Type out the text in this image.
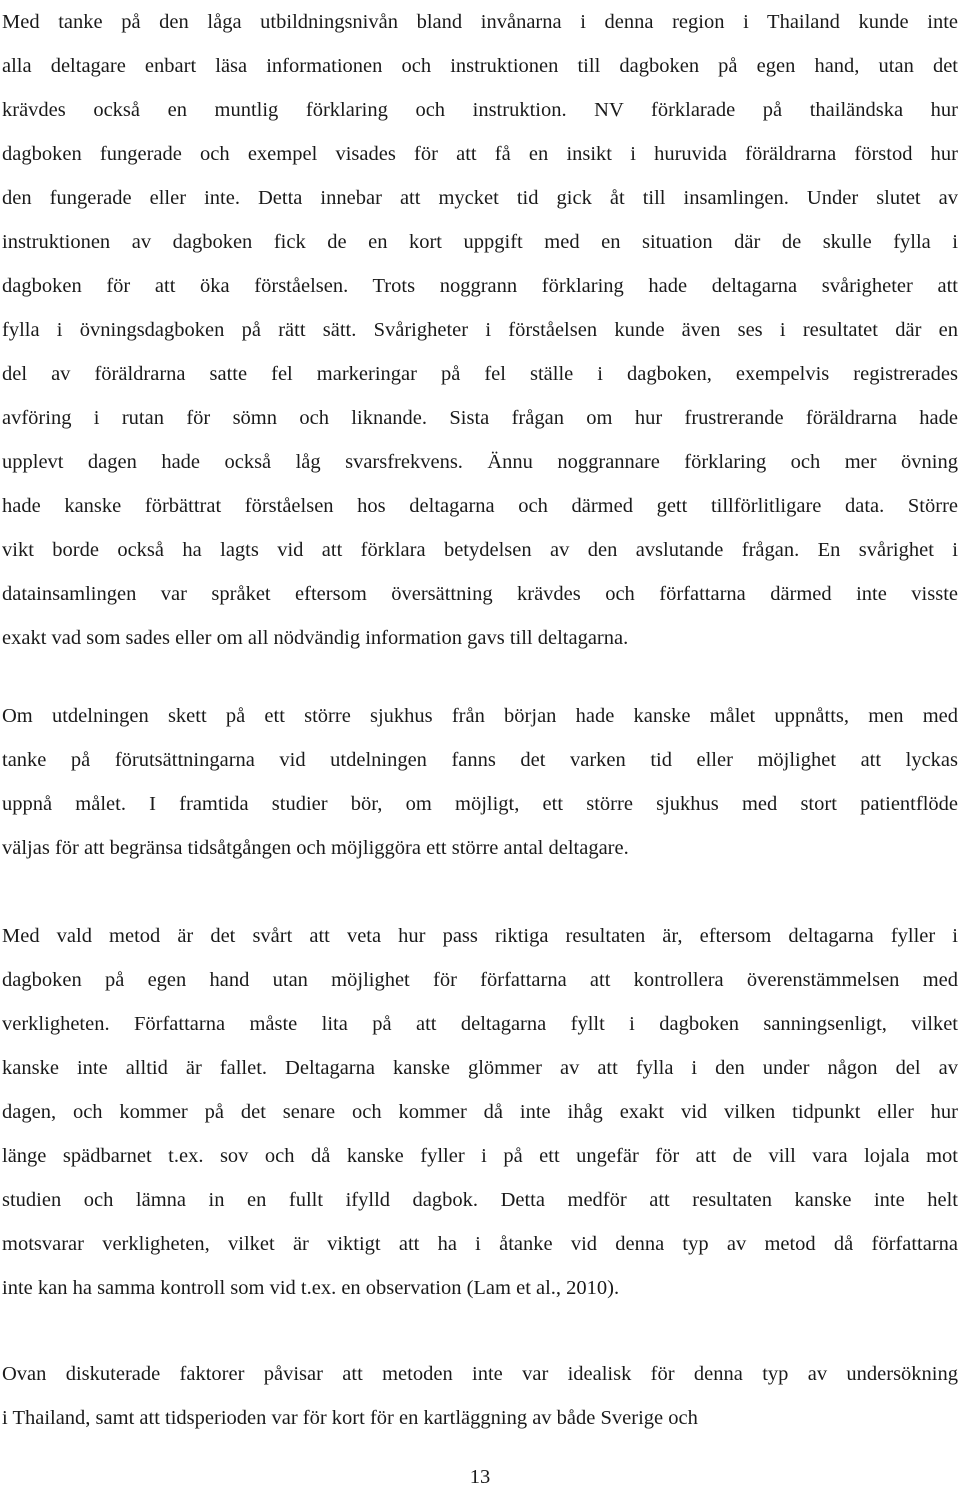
Med tanke på den låga utbildningsnivån bland invånarna i denna region i Thailand kunde inte
alla deltagare enbart läsa informationen och instruktionen till dagboken på egen hand, utan det
krävdes också en muntlig förklaring och instruktion. NV förklarade på thailändska hur
dagboken fungerade och exempel visades för att få en insikt i huruvida föräldrarna förstod hur
den fungerade eller inte. Detta innebar att mycket tid gick åt till insamlingen. Under slutet av
instruktionen av dagboken fick de en kort uppgift med en situation där de skulle fylla i
dagboken för att öka förståelsen. Trots noggrann förklaring hade deltagarna svårigheter att
fylla i övningsdagboken på rätt sätt. Svårigheter i förståelsen kunde även ses i resultatet där en
del av föräldrarna satte fel markeringar på fel ställe i dagboken, exempelvis registrerades
avföring i rutan för sömn och liknande. Sista frågan om hur frustrerande föräldrarna hade
upplevt dagen hade också låg svarsfrekvens. Ännu noggrannare förklaring och mer övning
hade kanske förbättrat förståelsen hos deltagarna och därmed gett tillförlitligare data. Större
vikt borde också ha lagts vid att förklara betydelsen av den avslutande frågan. En svårighet i
datainsamlingen var språket eftersom översättning krävdes och författarna därmed inte visste
exakt vad som sades eller om all nödvändig information gavs till deltagarna.
Om utdelningen skett på ett större sjukhus från början hade kanske målet uppnåtts, men med
tanke på förutsättningarna vid utdelningen fanns det varken tid eller möjlighet att lyckas
uppnå målet. I framtida studier bör, om möjligt, ett större sjukhus med stort patientflöde
väljas för att begränsa tidsåtgången och möjliggöra ett större antal deltagare.
Med vald metod är det svårt att veta hur pass riktiga resultaten är, eftersom deltagarna fyller i
dagboken på egen hand utan möjlighet för författarna att kontrollera överenstämmelsen med
verkligheten. Författarna måste lita på att deltagarna fyllt i dagboken sanningsenligt, vilket
kanske inte alltid är fallet. Deltagarna kanske glömmer av att fylla i den under någon del av
dagen, och kommer på det senare och kommer då inte ihåg exakt vid vilken tidpunkt eller hur
länge spädbarnet t.ex. sov och då kanske fyller i på ett ungefär för att de vill vara lojala mot
studien och lämna in en fullt ifylld dagbok. Detta medför att resultaten kanske inte helt
motsvarar verkligheten, vilket är viktigt att ha i åtanke vid denna typ av metod då författarna
inte kan ha samma kontroll som vid t.ex. en observation (Lam et al., 2010).
Ovan diskuterade faktorer påvisar att metoden inte var idealisk för denna typ av undersökning
i Thailand, samt att tidsperioden var för kort för en kartläggning av både Sverige och
13
